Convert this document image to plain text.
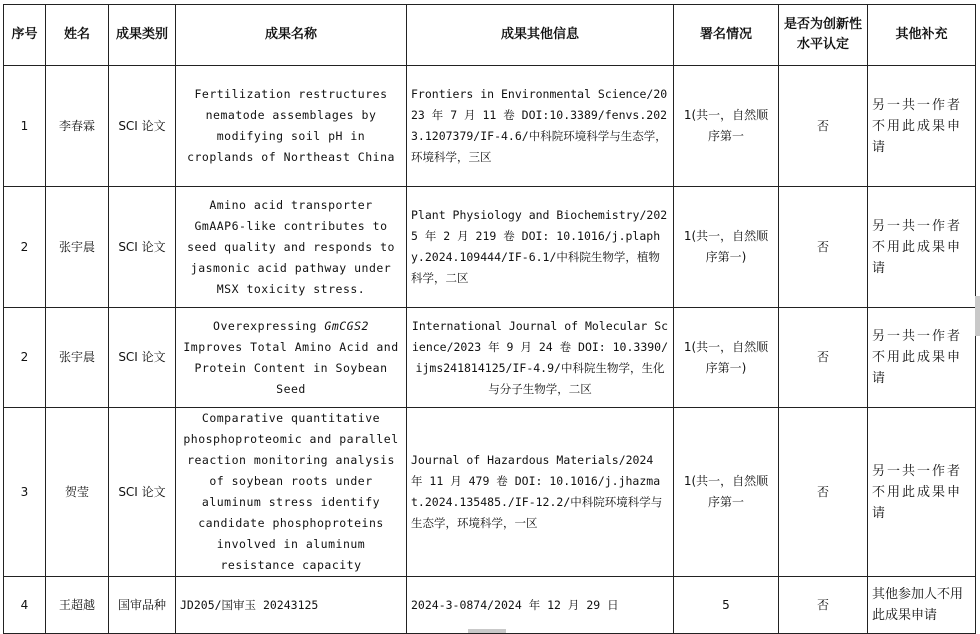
序号	姓名	成果类别	成果名称	成果其他信息	署名情况	是否为创新性水平认定	其他补充
1	李春霖	SCI 论文	Fertilization restructures nematode assemblages by modifying soil pH in croplands of Northeast China	Frontiers in Environmental Science/2023 年 7 月 11 卷 DOI:10.3389/fenvs.2023.1207379/IF-4.6/中科院环境科学与生态学，环境科学，三区	1(共一，自然顺序第一	否	另一共一作者不用此成果申请
2	张宇晨	SCI 论文	Amino acid transporter GmAAP6-like contributes to seed quality and responds to jasmonic acid pathway under MSX toxicity stress.	Plant Physiology and Biochemistry/2025 年 2 月 219 卷 DOI: 10.1016/j.plaphy.2024.109444/IF-6.1/中科院生物学，植物科学，二区	1(共一，自然顺序第一)	否	另一共一作者不用此成果申请
2	张宇晨	SCI 论文	Overexpressing GmCGS2 Improves Total Amino Acid and Protein Content in Soybean Seed	International Journal of Molecular Science/2023 年 9 月 24 卷 DOI: 10.3390/ijms241814125/IF-4.9/中科院生物学，生化与分子生物学，二区	1(共一，自然顺序第一)	否	另一共一作者不用此成果申请
3	贺莹	SCI 论文	Comparative quantitative phosphoproteomic and parallel reaction monitoring analysis of soybean roots under aluminum stress identify candidate phosphoproteins involved in aluminum resistance capacity	Journal of Hazardous Materials/2024 年 11 月 479 卷 DOI: 10.1016/j.jhazmat.2024.135485./IF-12.2/中科院环境科学与生态学，环境科学，一区	1(共一，自然顺序第一	否	另一共一作者不用此成果申请
4	王超越	国审品种	JD205/国审玉 20243125	2024-3-0874/2024 年 12 月 29 日	5	否	其他参加人不用此成果申请
